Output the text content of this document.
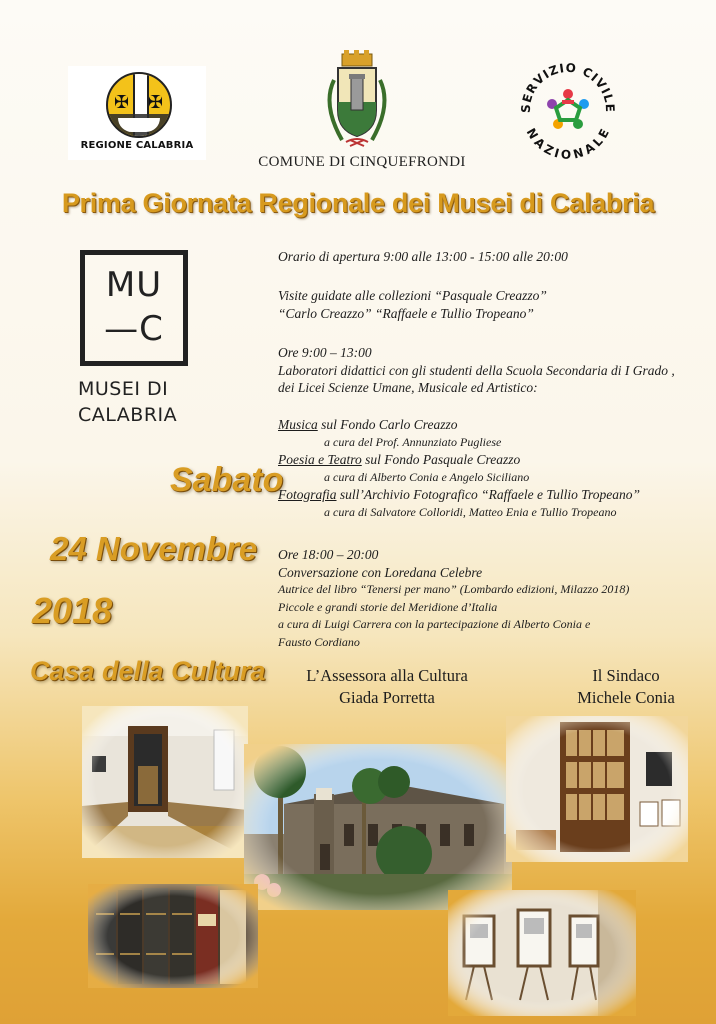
✠ ✠
REGIONE CALABRIA
COMUNE DI CINQUEFRONDI
SERVIZIO CIVILE
NAZIONALE
Prima Giornata Regionale dei Musei di Calabria
MU
—C
MUSEI DI
CALABRIA
Sabato
24 Novembre
2018
Casa della Cultura
Orario di apertura 9:00 alle 13:00 - 15:00 alle 20:00
Visite guidate alle collezioni “Pasquale Creazzo”
“Carlo Creazzo” “Raffaele e Tullio Tropeano”
Ore 9:00 – 13:00
Laboratori didattici con gli studenti della Scuola Secondaria di I Grado ,
dei Licei Scienze Umane, Musicale ed Artistico:
Musica sul Fondo Carlo Creazzo
a cura del Prof. Annunziato Pugliese
Poesia e Teatro sul Fondo Pasquale Creazzo
a cura di Alberto Conia e Angelo Siciliano
Fotografia sull’Archivio Fotografico “Raffaele e Tullio Tropeano”
a cura di Salvatore Colloridi, Matteo Enia e Tullio Tropeano
Ore 18:00 – 20:00
Conversazione con Loredana Celebre
Autrice del libro “Tenersi per mano” (Lombardo edizioni, Milazzo 2018)
Piccole e grandi storie del Meridione d’Italia
a cura di Luigi Carrera con la partecipazione di Alberto Conia e
Fausto Cordiano
L’Assessora alla Cultura
Giada Porretta
Il Sindaco
Michele Conia
